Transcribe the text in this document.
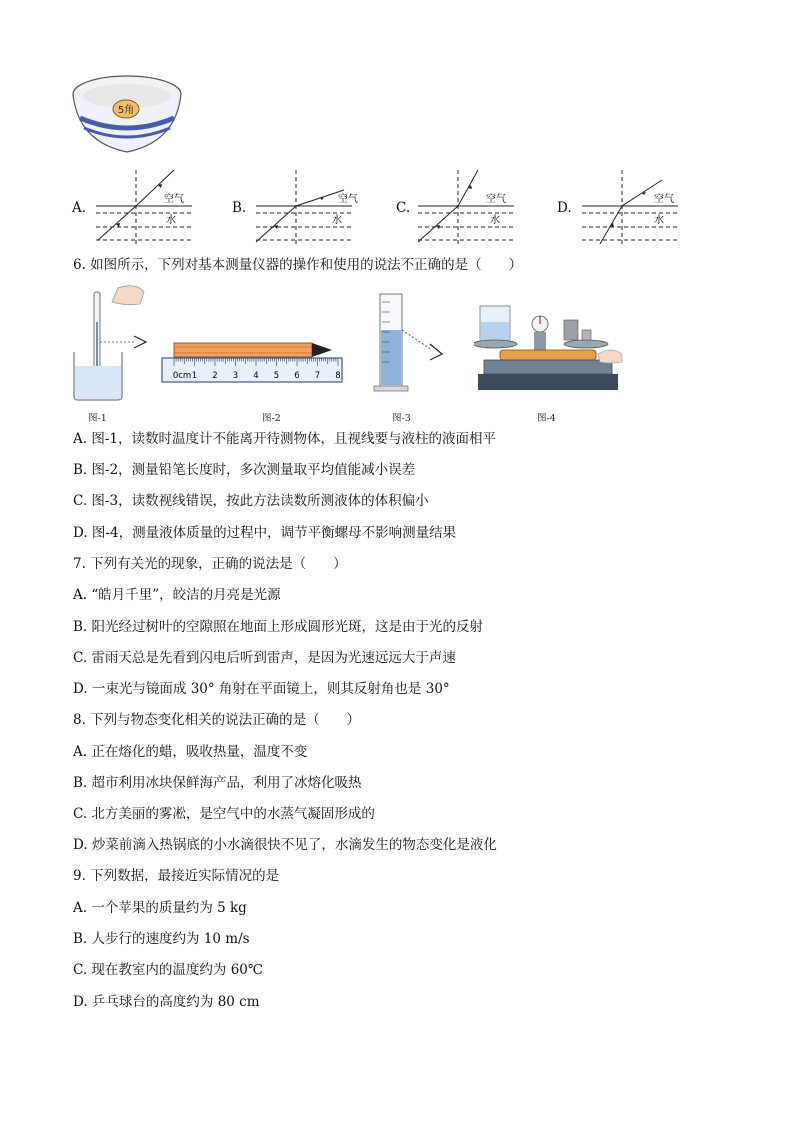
5角
A.
空气
水
B.
空气
水
C.
空气
水
D.
空气
水
6. 如图所示，下列对基本测量仪器的操作和使用的说法不正确的是（　　）
图-1
0cm 1 2 3 4 5 6 7 8
图-2	图-3	图-4
A. 图-1，读数时温度计不能离开待测物体，且视线要与液柱的液面相平
B. 图-2，测量铅笔长度时，多次测量取平均值能减小误差
C. 图-3，读数视线错误，按此方法读数所测液体的体积偏小
D. 图-4，测量液体质量的过程中，调节平衡螺母不影响测量结果
7. 下列有关光的现象，正确的说法是（　　）
A. “皓月千里”，皎洁的月亮是光源
B. 阳光经过树叶的空隙照在地面上形成圆形光斑，这是由于光的反射
C. 雷雨天总是先看到闪电后听到雷声，是因为光速远远大于声速
D. 一束光与镜面成 30° 角射在平面镜上，则其反射角也是 30°
8. 下列与物态变化相关的说法正确的是（　　）
A. 正在熔化的蜡，吸收热量，温度不变
B. 超市利用冰块保鲜海产品，利用了冰熔化吸热
C. 北方美丽的雾凇，是空气中的水蒸气凝固形成的
D. 炒菜前滴入热锅底的小水滴很快不见了，水滴发生的物态变化是液化
9. 下列数据，最接近实际情况的是
A. 一个苹果的质量约为 5 kg
B. 人步行的速度约为 10 m/s
C. 现在教室内的温度约为 60℃
D. 乒乓球台的高度约为 80 cm
